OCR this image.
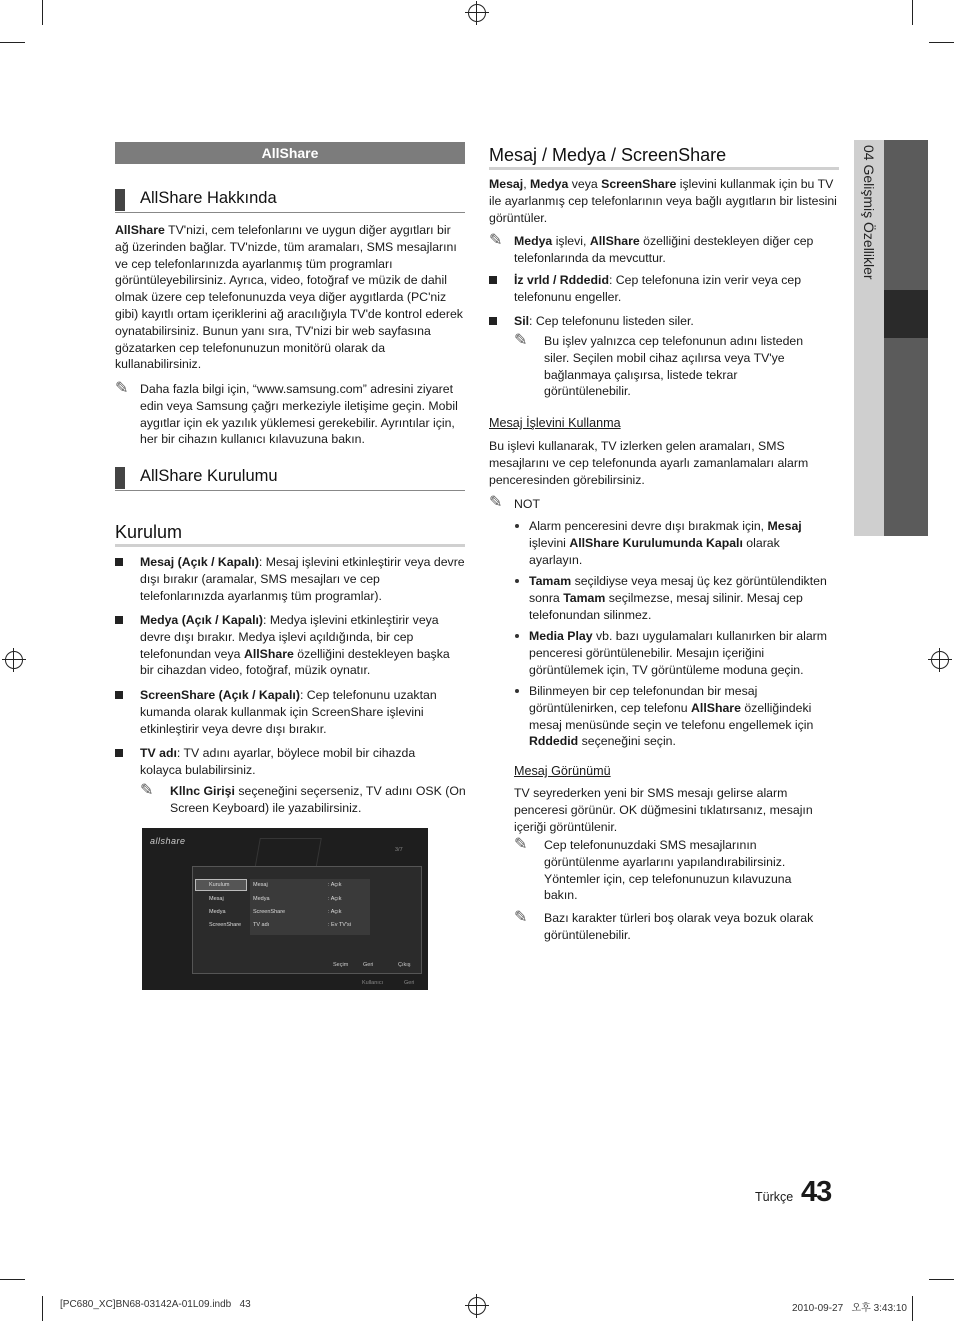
04 Gelişmiş Özellikler
AllShare
AllShare Hakkında
AllShare TV'nizi, cem telefonlarını ve uygun diğer aygıtları bir ağ üzerinden bağlar. TV'nizde, tüm aramaları, SMS mesajlarını ve cep telefonlarınızda ayarlanmış tüm programları görüntüleyebilirsiniz. Ayrıca, video, fotoğraf ve müzik de dahil olmak üzere cep telefonunuzda veya diğer aygıtlarda (PC'niz gibi) kayıtlı ortam içeriklerini ağ aracılığıyla TV'de kontrol ederek oynatabilirsiniz. Bunun yanı sıra, TV'nizi bir web sayfasına gözatarken cep telefonunuzun monitörü olarak da kullanabilirsiniz.
✎ Daha fazla bilgi için, “www.samsung.com” adresini ziyaret edin veya Samsung çağrı merkeziyle iletişime geçin. Mobil aygıtlar için ek yazılık yüklemesi gerekebilir. Ayrıntılar için, her bir cihazın kullanıcı kılavuzuna bakın.
AllShare Kurulumu
Kurulum
Mesaj (Açık / Kapalı): Mesaj işlevini etkinleştirir veya devre dışı bırakır (aramalar, SMS mesajları ve cep telefonlarınızda ayarlanmış tüm programlar).
Medya (Açık / Kapalı): Medya işlevini etkinleştirir veya devre dışı bırakır. Medya işlevi açıldığında, bir cep telefonundan veya AllShare özelliğini destekleyen başka bir cihazdan video, fotoğraf, müzik oynatır.
ScreenShare (Açık / Kapalı): Cep telefonunu uzaktan kumanda olarak kullanmak için ScreenShare işlevini etkinleştirir veya devre dışı bırakır.
TV adı: TV adını ayarlar, böylece mobil bir cihazda kolayca bulabilirsiniz.
✎ Kllnc Girişi seçeneğini seçerseniz, TV adını OSK (On Screen Keyboard) ile yazabilirsiniz.
allshare
3/7
Kurulum
Mesaj
Medya
ScreenShare
Mesaj	: Açık
Medya	: Açık
ScreenShare	: Açık
TV adı	: Ev TV'si
Seçim	Geri	Çıkış
Kullanıcı	Geri
Mesaj / Medya / ScreenShare
Mesaj, Medya veya ScreenShare işlevini kullanmak için bu TV ile ayarlanmış cep telefonlarının veya bağlı aygıtların bir listesini görüntüler.
✎ Medya işlevi, AllShare özelliğini destekleyen diğer cep telefonlarında da mevcuttur.
İz vrld / Rddedid: Cep telefonuna izin verir veya cep telefonunu engeller.
Sil: Cep telefonunu listeden siler.
✎ Bu işlev yalnızca cep telefonunun adını listeden siler. Seçilen mobil cihaz açılırsa veya TV'ye bağlanmaya çalışırsa, listede tekrar görüntülenebilir.
Mesaj İşlevini Kullanma
Bu işlevi kullanarak, TV izlerken gelen aramaları, SMS mesajlarını ve cep telefonunda ayarlı zamanlamaları alarm penceresinden görebilirsiniz.
✎ NOT
Alarm penceresini devre dışı bırakmak için, Mesaj işlevini AllShare Kurulumunda Kapalı olarak ayarlayın.
Tamam seçildiyse veya mesaj üç kez görüntülendikten sonra Tamam seçilmezse, mesaj silinir. Mesaj cep telefonundan silinmez.
Media Play vb. bazı uygulamaları kullanırken bir alarm penceresi görüntülenebilir. Mesajın içeriğini görüntülemek için, TV görüntüleme moduna geçin.
Bilinmeyen bir cep telefonundan bir mesaj görüntülenirken, cep telefonu AllShare özelliğindeki mesaj menüsünde seçin ve telefonu engellemek için Rddedid seçeneğini seçin.
Mesaj Görünümü
TV seyrederken yeni bir SMS mesajı gelirse alarm penceresi görünür. OK düğmesini tıklatırsanız, mesajın içeriği görüntülenir.
✎ Cep telefonunuzdaki SMS mesajlarının görüntülenme ayarlarını yapılandırabilirsiniz. Yöntemler için, cep telefonunuzun kılavuzuna bakın.
✎ Bazı karakter türleri boş olarak veya bozuk olarak görüntülenebilir.
Türkçe 43
[PC680_XC]BN68-03142A-01L09.indb   43	2010-09-27   오후 3:43:10
